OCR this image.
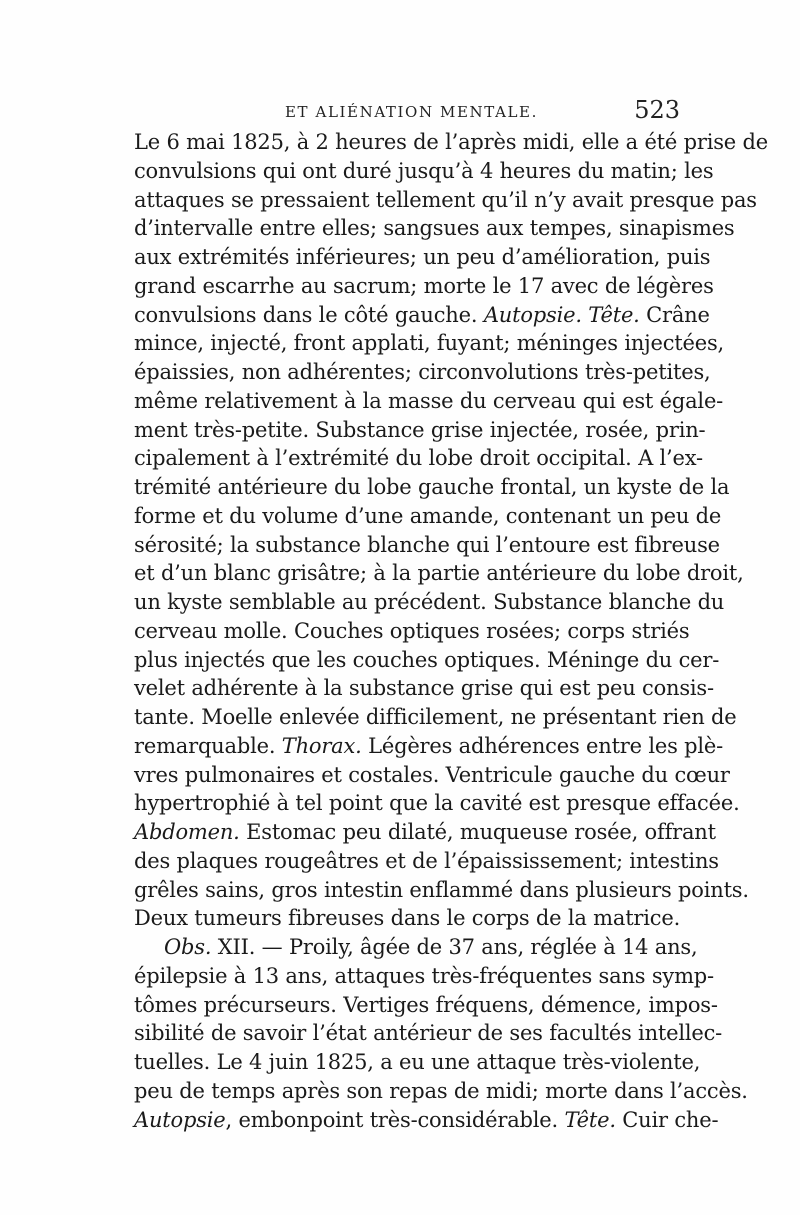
ET ALIÉNATION MENTALE.	523
Le 6 mai 1825, à 2 heures de l’après midi, elle a été prise de
convulsions qui ont duré jusqu’à 4 heures du matin; les
attaques se pressaient tellement qu’il n’y avait presque pas
d’intervalle entre elles; sangsues aux tempes, sinapismes
aux extrémités inférieures; un peu d’amélioration, puis
grand escarrhe au sacrum; morte le 17 avec de légères
convulsions dans le côté gauche. Autopsie. Tête. Crâne
mince, injecté, front applati, fuyant; méninges injectées,
épaissies, non adhérentes; circonvolutions très-petites,
même relativement à la masse du cerveau qui est égale-
ment très-petite. Substance grise injectée, rosée, prin-
cipalement à l’extrémité du lobe droit occipital. A l’ex-
trémité antérieure du lobe gauche frontal, un kyste de la
forme et du volume d’une amande, contenant un peu de
sérosité; la substance blanche qui l’entoure est fibreuse
et d’un blanc grisâtre; à la partie antérieure du lobe droit,
un kyste semblable au précédent. Substance blanche du
cerveau molle. Couches optiques rosées; corps striés
plus injectés que les couches optiques. Méninge du cer-
velet adhérente à la substance grise qui est peu consis-
tante. Moelle enlevée difficilement, ne présentant rien de
remarquable. Thorax. Légères adhérences entre les plè-
vres pulmonaires et costales. Ventricule gauche du cœur
hypertrophié à tel point que la cavité est presque effacée.
Abdomen. Estomac peu dilaté, muqueuse rosée, offrant
des plaques rougeâtres et de l’épaississement; intestins
grêles sains, gros intestin enflammé dans plusieurs points.
Deux tumeurs fibreuses dans le corps de la matrice.
Obs. XII. — Proily, âgée de 37 ans, réglée à 14 ans,
épilepsie à 13 ans, attaques très-fréquentes sans symp-
tômes précurseurs. Vertiges fréquens, démence, impos-
sibilité de savoir l’état antérieur de ses facultés intellec-
tuelles. Le 4 juin 1825, a eu une attaque très-violente,
peu de temps après son repas de midi; morte dans l’accès.
Autopsie, embonpoint très-considérable. Tête. Cuir che-
